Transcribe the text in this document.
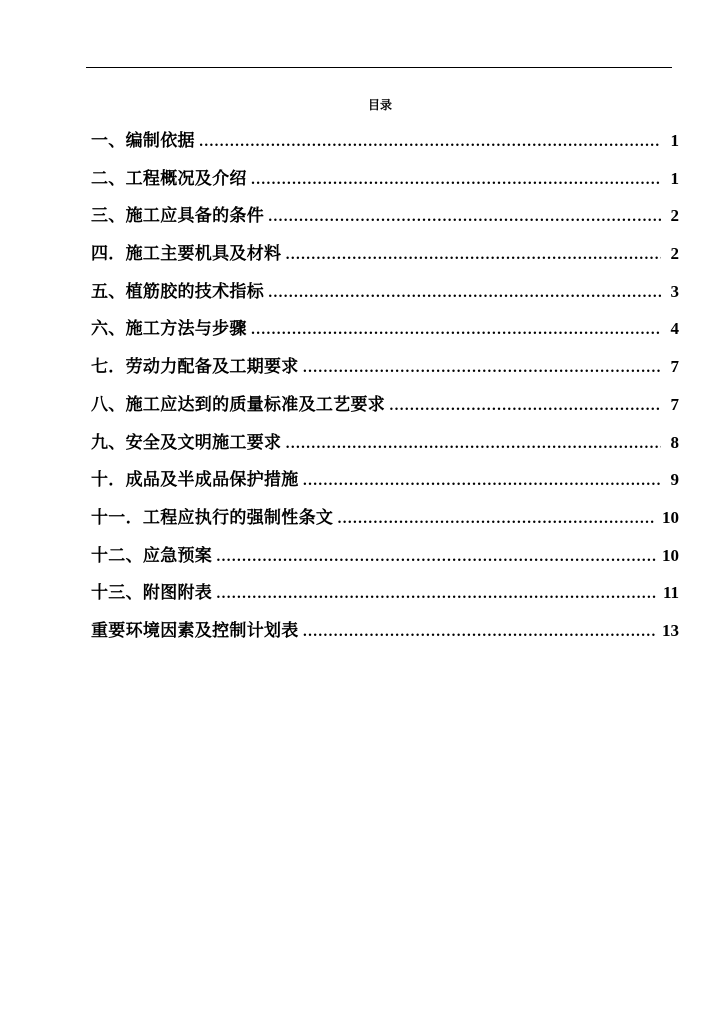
目录
一、编制依据 .....	1
二、工程概况及介绍 .....	1
三、施工应具备的条件 .....	2
四．施工主要机具及材料 .....	2
五、植筋胶的技术指标 .....	3
六、施工方法与步骤 .....	4
七．劳动力配备及工期要求 .....	7
八、施工应达到的质量标准及工艺要求 .....	7
九、安全及文明施工要求 .....	8
十．成品及半成品保护措施 .....	9
十一．工程应执行的强制性条文 .....	10
十二、应急预案 .....	10
十三、附图附表 .....	11
重要环境因素及控制计划表 .....	13
